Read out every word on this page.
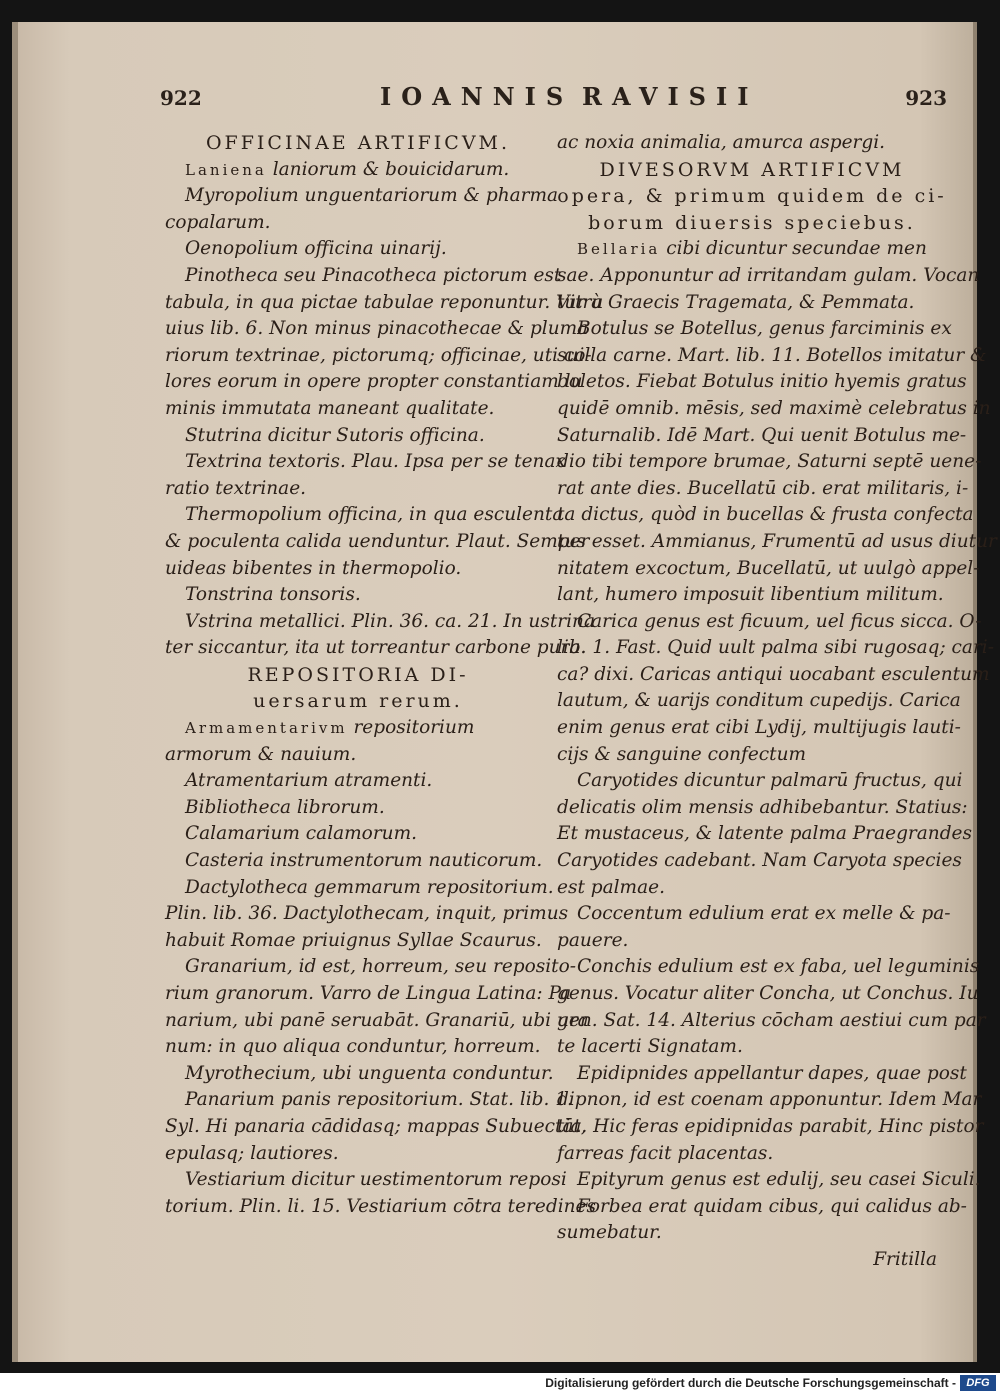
922	IOANNIS RAVISII	923
OFFICINAE ARTIFICVM.
Laniena laniorum & bouicidarum.
Myropolium unguentariorum & pharma
copalarum.
Oenopolium officina uinarij.
Pinotheca seu Pinacotheca pictorum est
tabula, in qua pictae tabulae reponuntur. Vitru
uius lib. 6. Non minus pinacothecae & pluma
riorum textrinae, pictorumq; officinae, uti co-
lores eorum in opere propter constantiam lu
minis immutata maneant qualitate.
Stutrina dicitur Sutoris officina.
Textrina textoris. Plau. Ipsa per se tenax
ratio textrinae.
Thermopolium officina, in qua esculenta
& poculenta calida uenduntur. Plaut. Semper
uideas bibentes in thermopolio.
Tonstrina tonsoris.
Vstrina metallici. Plin. 36. ca. 21. In ustrina
ter siccantur, ita ut torreantur carbone pura.
REPOSITORIA DI-
uersarum rerum.
Armamentarivm repositorium
armorum & nauium.
Atramentarium atramenti.
Bibliotheca librorum.
Calamarium calamorum.
Casteria instrumentorum nauticorum.
Dactylotheca gemmarum repositorium.
Plin. lib. 36. Dactylothecam, inquit, primus
habuit Romae priuignus Syllae Scaurus.
Granarium, id est, horreum, seu reposito-
rium granorum. Varro de Lingua Latina: Pa
narium, ubi panē seruabāt. Granariū, ubi gra
num: in quo aliqua conduntur, horreum.
Myrothecium, ubi unguenta conduntur.
Panarium panis repositorium. Stat. lib. 1.
Syl. Hi panaria cādidasq; mappas Subuectāt,
epulasq; lautiores.
Vestiarium dicitur uestimentorum reposi
torium. Plin. li. 15. Vestiarium cōtra teredines
ac noxia animalia, amurca aspergi.
DIVESORVM ARTIFICVM
opera, & primum quidem de ci-
borum diuersis speciebus.
Bellaria cibi dicuntur secundae men
sae. Apponuntur ad irritandam gulam. Vocan
tur à Graecis Tragemata, & Pemmata.
Botulus se Botellus, genus farciminis ex
suilla carne. Mart. lib. 11. Botellos imitatur &
boletos. Fiebat Botulus initio hyemis gratus
quidē omnib. mēsis, sed maximè celebratus in
Saturnalib. Idē Mart. Qui uenit Botulus me-
dio tibi tempore brumae, Saturni septē uene-
rat ante dies. Bucellatū cib. erat militaris, i-
ta dictus, quòd in bucellas & frusta confecta
tus esset. Ammianus, Frumentū ad usus diutur
nitatem excoctum, Bucellatū, ut uulgò appel-
lant, humero imposuit libentium militum.
Carica genus est ficuum, uel ficus sicca. O-
lib. 1. Fast. Quid uult palma sibi rugosaq; cari-
ca? dixi. Caricas antiqui uocabant esculentum
lautum, & uarijs conditum cupedijs. Carica
enim genus erat cibi Lydij, multijugis lauti-
cijs & sanguine confectum
Caryotides dicuntur palmarū fructus, qui
delicatis olim mensis adhibebantur. Statius:
Et mustaceus, & latente palma Praegrandes
Caryotides cadebant. Nam Caryota species
est palmae.
Coccentum edulium erat ex melle & pa-
pauere.
Conchis edulium est ex faba, uel leguminis
genus. Vocatur aliter Concha, ut Conchus. Iu
uen. Sat. 14. Alterius cōcham aestiui cum par
te lacerti Signatam.
Epidipnides appellantur dapes, quae post
dipnon, id est coenam apponuntur. Idem Mar
tia. Hic feras epidipnidas parabit, Hinc pistor
farreas facit placentas.
Epityrum genus est edulij, seu casei Siculi.
Forbea erat quidam cibus, qui calidus ab-
sumebatur.
Fritilla
Digitalisierung gefördert durch die Deutsche Forschungsgemeinschaft - DFG
